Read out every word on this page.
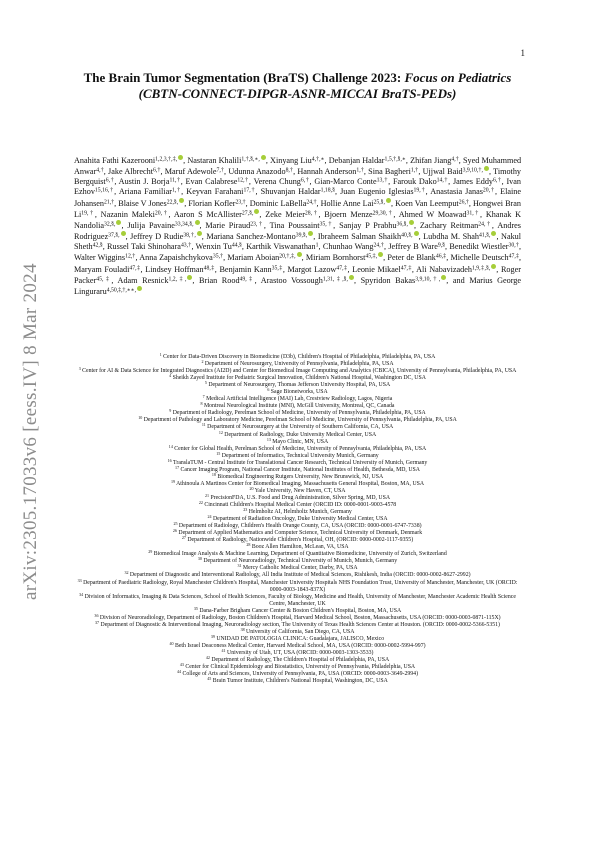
1
arXiv:2305.17033v6 [eess.IV] 8 Mar 2024
The Brain Tumor Segmentation (BraTS) Challenge 2023: Focus on Pediatrics (CBTN-CONNECT-DIPGR-ASNR-MICCAI BraTS-PEDs)
Anahita Fathi Kazerooni$^{1,2,3,\dagger,\ddagger,}$ , Nastaran Khalili$^{1,\dagger,\S,∗,}$ , Xinyang Liu$^{4,\dagger,∗}$, Debanjan Haldar$^{1,5,\dagger,\S,∗}$, Zhifan Jiang$^{4,\dagger}$, Syed Muhammed Anwar$^{4,\dagger}$, Jake Albrecht$^{6,\dagger}$, Maruf Adewole$^{7,\dagger}$, Udunna Anazodo$^{8,\dagger}$, Hannah Anderson$^{1,\dagger}$, Sina Bagheri$^{1,\dagger}$, Ujjwal Baid$^{3,9,10,\dagger,}$ , Timothy Bergquist$^{6,\dagger}$, Austin J. Borja$^{11,\dagger}$, Evan Calabrese$^{12,\dagger}$, Verena Chung$^{6,\dagger}$, Gian-Marco Conte$^{13,\dagger}$, Farouk Dako$^{14,\dagger}$, James Eddy$^{6,\dagger}$, Ivan Ezhov$^{15,16,\dagger}$, Ariana Familiar$^{1,\dagger}$, Keyvan Farahani$^{17,\dagger}$, Shuvanjan Haldar$^{1,18,\S}$, Juan Eugenio Iglesias$^{19,\dagger}$, Anastasia Janas$^{20,\dagger}$, Elaine Johansen$^{21,\dagger}$, Blaise V Jones$^{22,\S,}$ , Florian Kofler$^{23,\dagger}$, Dominic LaBella$^{24,\dagger}$, Hollie Anne Lai$^{25,\S,}$ , Koen Van Leemput$^{26,\dagger}$, Hongwei Bran $Li^{19,\dagger}$, Nazanin Maleki$^{20,\dagger}$, Aaron S McAllister$^{27,\S,}$ , Zeke Meier$^{28,\dagger}$, Bjoern Menze$^{29,30,\dagger}$, Ahmed W Moawad$^{31,\dagger}$, Khanak K Nandolia$^{32,\S,}$ , Julija Pavaine$^{33,34,\S,}$ , Marie Piraud$^{23,\dagger}$, Tina Poussaint$^{35,\dagger}$, Sanjay P Prabhu$^{36,\S,}$ , Zachary Reitman$^{24,\dagger}$, Andres Rodriguez$^{37,\S,}$ , Jeffrey D Rudie$^{38,\dagger,}$ , Mariana Sanchez-Montano$^{39,\S,}$ , Ibraheem Salman Shaikh$^{40,\S,}$ , Lubdha M. Shah$^{41,\S,}$ , Nakul Sheth$^{42,\S}$, Russel Taki Shinohara$^{43,\dagger}$, Wenxin $Tu^{44,\S}$, Karthik Viswanathan$^1$, Chunhao Wang$^{24,\dagger}$, Jeffrey B Ware$^{9,\S}$, Benedikt Wiestler$^{30,\dagger}$, Walter Wiggins$^{12,\dagger}$, Anna Zapaishchykova$^{35,\dagger}$, Mariam Aboian$^{20,\dagger,\ddagger,}$ , Miriam Bornhorst$^{45,\ddagger,}$ , Peter de Blank$^{46,\ddagger}$, Michelle Deutsch$^{47,\ddagger}$, Maryam Fouladi$^{47,\ddagger}$, Lindsey Hoffman$^{48,\ddagger}$, Benjamin Kann$^{35,\ddagger}$, Margot Lazow$^{47,\ddagger}$, Leonie Mikael$^{47,\ddagger}$, Ali Nabavizadeh$^{1,9,\ddagger,\S,}$ , Roger Packer$^{45,\ddagger}$, Adam Resnick$^{1,2,\ddagger,}$ , Brian Rood$^{49,\ddagger}$, Arastoo Vossough$^{1,31,\ddagger,\S,}$ , Spyridon Bakas$^{3,9,10,\dagger,}$ , and Marius George Linguraru$^{4,50,\ddagger,\dagger,∗∗,}$

$^1$ Center for Data-Driven Discovery in Biomedicine (D3b), Children's Hospital of Philadelphia, Philadelphia, PA, USA

$^2$ Department of Neurosurgery, University of Pennsylvania, Philadelphia, PA, USA

$^3$ Center for AI & Data Science for Integrated Diagnostics (AI2D) and Center for Biomedical Image Computing and Analytics (CBICA), University of Pennsylvania, Philadelphia, PA, USA

$^4$ Sheikh Zayed Institute for Pediatric Surgical Innovation, Children's National Hospital, Washington DC, USA

$^5$ Department of Neurosurgery, Thomas Jefferson University Hospital, PA, USA

$^6$ Sage Bionetworks, USA

$^7$ Medical Artificial Intelligence (MAI) Lab, Crestview Radiology, Lagos, Nigeria

$^8$ Montreal Neurological Institute (MNI), McGill University, Montreal, QC, Canada

$^9$ Department of Radiology, Perelman School of Medicine, University of Pennsylvania, Philadelphia, PA, USA

$^{10}$ Department of Pathology and Laboratory Medicine, Perelman School of Medicine, University of Pennsylvania, Philadelphia, PA, USA

$^{11}$ Department of Neurosurgery at the University of Southern California, CA, USA

$^{12}$ Department of Radiology, Duke University Medical Center, USA

$^{13}$ Mayo Clinic, MN, USA

$^{14}$ Center for Global Health, Perelman School of Medicine, University of Pennsylvania, Philadelphia, PA, USA

$^{15}$ Department of Informatics, Technical University Munich, Germany

$^{16}$ TranslaTUM - Central Institute for Translational Cancer Research, Technical University of Munich, Germany

$^{17}$ Cancer Imaging Program, National Cancer Institute, National Institutes of Health, Bethesda, MD, USA

$^{18}$ Biomedical Engineering Rutgers University, New Brunswick, NJ, USA

$^{19}$ Athinoula A Martinos Center for Biomedical Imaging, Massachusetts General Hospital, Boston, MA, USA

$^{20}$ Yale University, New Haven, CT, USA

$^{21}$ PrecisionFDA, U.S. Food and Drug Administration, Silver Spring, MD, USA

$^{22}$ Cincinnati Children's Hospital Medical Center (ORCID ID: 0000-0001-9003-4578

$^{23}$ Helmholtz AI, Helmholtz Munich, Germany

$^{24}$ Department of Radiation Oncology, Duke University Medical Center, USA

$^{25}$ Department of Radiology, Children's Health Orange County, CA, USA (ORCID: 0000-0001-6747-7338)

$^{26}$ Department of Applied Mathematics and Computer Science, Technical University of Denmark, Denmark

$^{27}$ Department of Radiology, Nationwide Children's Hospital, OH, (ORCID: 0000-0002-1117-9355)

$^{28}$ Booz Allen Hamilton, McLean, VA, USA

$^{29}$ Biomedical Image Analysis & Machine Learning, Department of Quantitative Biomedicine, University of Zurich, Switzerland

$^{30}$ Department of Neuroradiology, Technical University of Munich, Munich, Germany

$^{31}$ Mercy Catholic Medical Center, Darby, PA, USA

$^{32}$ Department of Diagnostic and Interventional Radiology, All India Institute of Medical Sciences, Rishikesh, India (ORCID: 0000-0002-8627-2992)

$^{33}$ Department of Paediatric Radiology, Royal Manchester Children's Hospital, Manchester University Hospitals NHS Foundation Trust, University of Manchester, Manchester, UK (ORCID: 0000-0003-1843-837X)

$^{34}$ Division of Informatics, Imaging & Data Sciences, School of Health Sciences, Faculty of Biology, Medicine and Health, University of Manchester, Manchester Academic Health Science Centre, Manchester, UK

$^{35}$ Dana-Farber Brigham Cancer Center & Boston Children's Hospital, Boston, MA, USA

$^{36}$ Division of Neuroradiology, Department of Radiology, Boston Children's Hospital, Harvard Medical School, Boston, Massachusetts, USA (ORCID: 0000-0003-0871-115X)

$^{37}$ Department of Diagnostic & Interventional Imaging, Neuroradiology section, The University of Texas Health Sciences Center at Houston. (ORCID: 0000-0002-5366-5351)

$^{38}$ University of California, San Diego, CA, USA

$^{39}$ UNIDAD DE PATOLOGIA CLINICA: Guadalajara, JALISCO, Mexico

$^{40}$ Beth Israel Deaconess Medical Center, Harvard Medical School, MA, USA (ORCID: 0000-0002-5994-997)

$^{41}$ University of Utah, UT, USA (ORCID: 0000-0003-1303-3533)

$^{42}$ Department of Radiology, The Children's Hospital of Philadelphia, PA, USA

$^{43}$ Center for Clinical Epidemiology and Biostatistics, University of Pennsylvania, Philadelphia, USA

$^{44}$ College of Arts and Sciences, University of Pennsylvania, PA, USA (ORCID: 0000-0003-3649-2994)

$^{45}$ Brain Tumor Institute, Children's National Hospital, Washington, DC, USA
